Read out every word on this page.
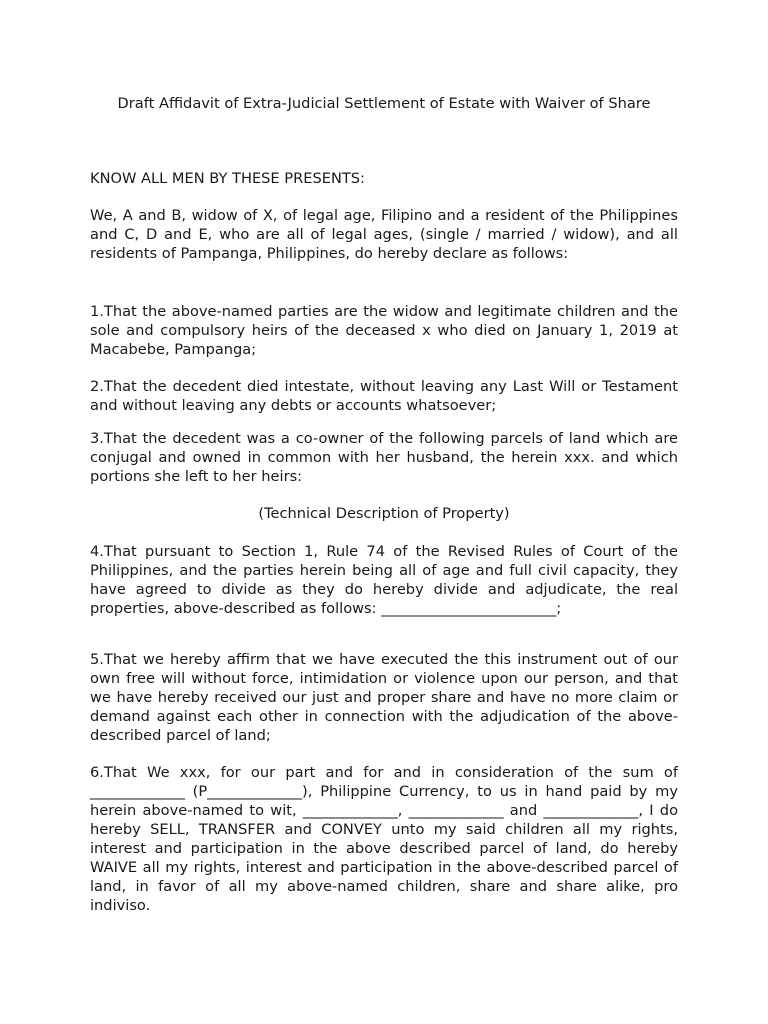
Draft Affidavit of Extra-Judicial Settlement of Estate with Waiver of Share

KNOW ALL MEN BY THESE PRESENTS:

We, A and B, widow of X, of legal age, Filipino and a resident of the Philippines and C, D and E, who are all of legal ages, (single / married / widow), and all residents of Pampanga, Philippines, do hereby declare as follows:

1.That the above-named parties are the widow and legitimate children and the sole and compulsory heirs of the deceased x who died on January 1, 2019 at Macabebe, Pampanga;

2.That the decedent died intestate, without leaving any Last Will or Testament and without leaving any debts or accounts whatsoever;

3.That the decedent was a co-owner of the following parcels of land which are conjugal and owned in common with her husband, the herein xxx. and which portions she left to her heirs:

(Technical Description of Property)

4.That pursuant to Section 1, Rule 74 of the Revised Rules of Court of the Philippines, and the parties herein being all of age and full civil capacity, they have agreed to divide as they do hereby divide and adjudicate, the real properties, above-described as follows: ________________________;

5.That we hereby affirm that we have executed the this instrument out of our own free will without force, intimidation or violence upon our person, and that we have hereby received our just and proper share and have no more claim or demand against each other in connection with the adjudication of the above-described parcel of land;

6.That We xxx, for our part and for and in consideration of the sum of _____________ (P_____________), Philippine Currency, to us in hand paid by my herein above-named to wit, _____________, _____________ and _____________, I do hereby SELL, TRANSFER and CONVEY unto my said children all my rights, interest and participation in the above described parcel of land, do hereby WAIVE all my rights, interest and participation in the above-described parcel of land, in favor of all my above-named children, share and share alike, pro indiviso.
